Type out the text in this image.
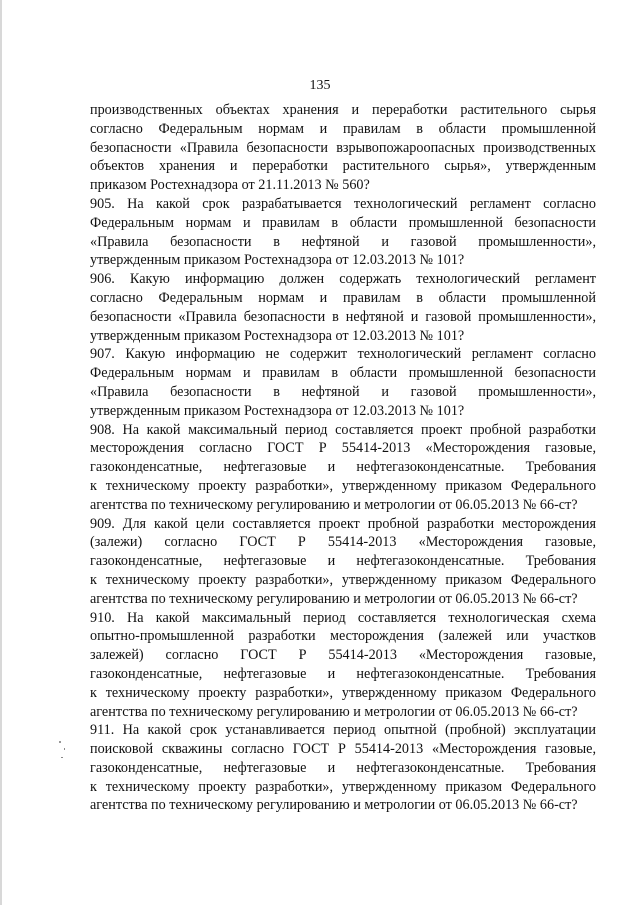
135
производственных объектах хранения и переработки растительного сырья
согласно Федеральным нормам и правилам в области промышленной
безопасности «Правила безопасности взрывопожароопасных производственных
объектов хранения и переработки растительного сырья», утвержденным
приказом Ростехнадзора от 21.11.2013 № 560?
905. На какой срок разрабатывается технологический регламент согласно
Федеральным нормам и правилам в области промышленной безопасности
«Правила безопасности в нефтяной и газовой промышленности»,
утвержденным приказом Ростехнадзора от 12.03.2013 № 101?
906. Какую информацию должен содержать технологический регламент
согласно Федеральным нормам и правилам в области промышленной
безопасности «Правила безопасности в нефтяной и газовой промышленности»,
утвержденным приказом Ростехнадзора от 12.03.2013 № 101?
907. Какую информацию не содержит технологический регламент согласно
Федеральным нормам и правилам в области промышленной безопасности
«Правила безопасности в нефтяной и газовой промышленности»,
утвержденным приказом Ростехнадзора от 12.03.2013 № 101?
908. На какой максимальный период составляется проект пробной разработки
месторождения согласно ГОСТ Р 55414-2013 «Месторождения газовые,
газоконденсатные, нефтегазовые и нефтегазоконденсатные. Требования
к техническому проекту разработки», утвержденному приказом Федерального
агентства по техническому регулированию и метрологии от 06.05.2013 № 66-ст?
909. Для какой цели составляется проект пробной разработки месторождения
(залежи) согласно ГОСТ Р 55414-2013 «Месторождения газовые,
газоконденсатные, нефтегазовые и нефтегазоконденсатные. Требования
к техническому проекту разработки», утвержденному приказом Федерального
агентства по техническому регулированию и метрологии от 06.05.2013 № 66-ст?
910. На какой максимальный период составляется технологическая схема
опытно-промышленной разработки месторождения (залежей или участков
залежей) согласно ГОСТ Р 55414-2013 «Месторождения газовые,
газоконденсатные, нефтегазовые и нефтегазоконденсатные. Требования
к техническому проекту разработки», утвержденному приказом Федерального
агентства по техническому регулированию и метрологии от 06.05.2013 № 66-ст?
911. На какой срок устанавливается период опытной (пробной) эксплуатации
поисковой скважины согласно ГОСТ Р 55414-2013 «Месторождения газовые,
газоконденсатные, нефтегазовые и нефтегазоконденсатные. Требования
к техническому проекту разработки», утвержденному приказом Федерального
агентства по техническому регулированию и метрологии от 06.05.2013 № 66-ст?
